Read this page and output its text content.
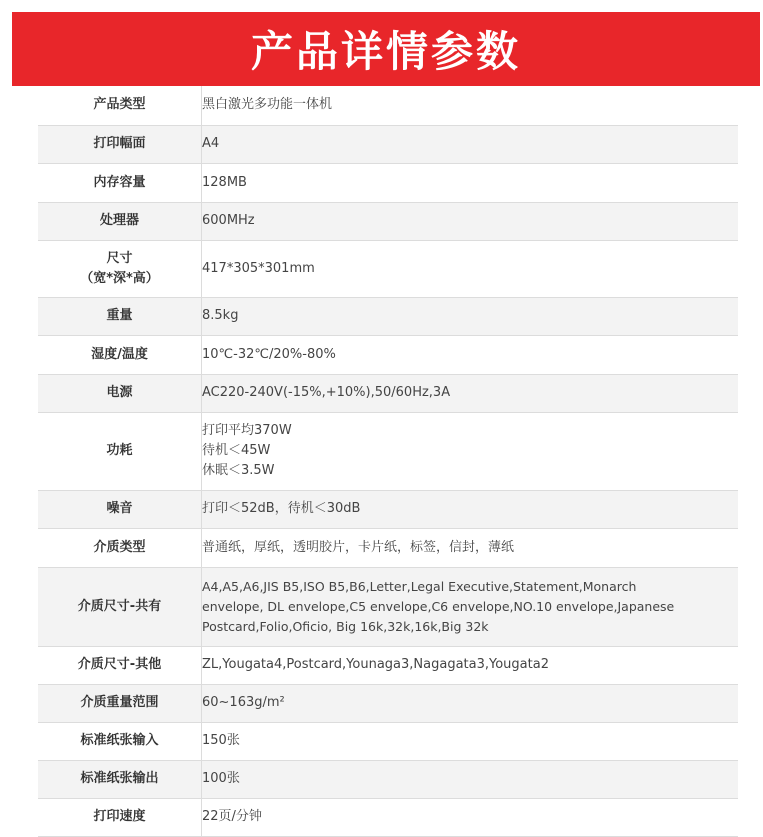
产品详情参数
产品类型	黑白激光多功能一体机

打印幅面	A4

内存容量	128MB

处理器	600MHz

尺寸
（宽*深*高）	417*305*301mm

重量	8.5kg

湿度/温度	10℃-32℃/20%-80%

电源	AC220-240V(-15%,+10%),50/60Hz,3A

功耗	打印平均370W
待机＜45W
休眠＜3.5W

噪音	打印＜52dB，待机＜30dB

介质类型	普通纸，厚纸，透明胶片，卡片纸，标签，信封，薄纸

介质尺寸-共有	A4,A5,A6,JIS B5,ISO B5,B6,Letter,Legal Executive,Statement,Monarch
envelope, DL envelope,C5 envelope,C6 envelope,NO.10 envelope,Japanese
Postcard,Folio,Oficio, Big 16k,32k,16k,Big 32k

介质尺寸-其他	ZL,Yougata4,Postcard,Younaga3,Nagagata3,Yougata2

介质重量范围	60~163g/m²

标准纸张输入	150张

标准纸张输出	100张

打印速度	22页/分钟
